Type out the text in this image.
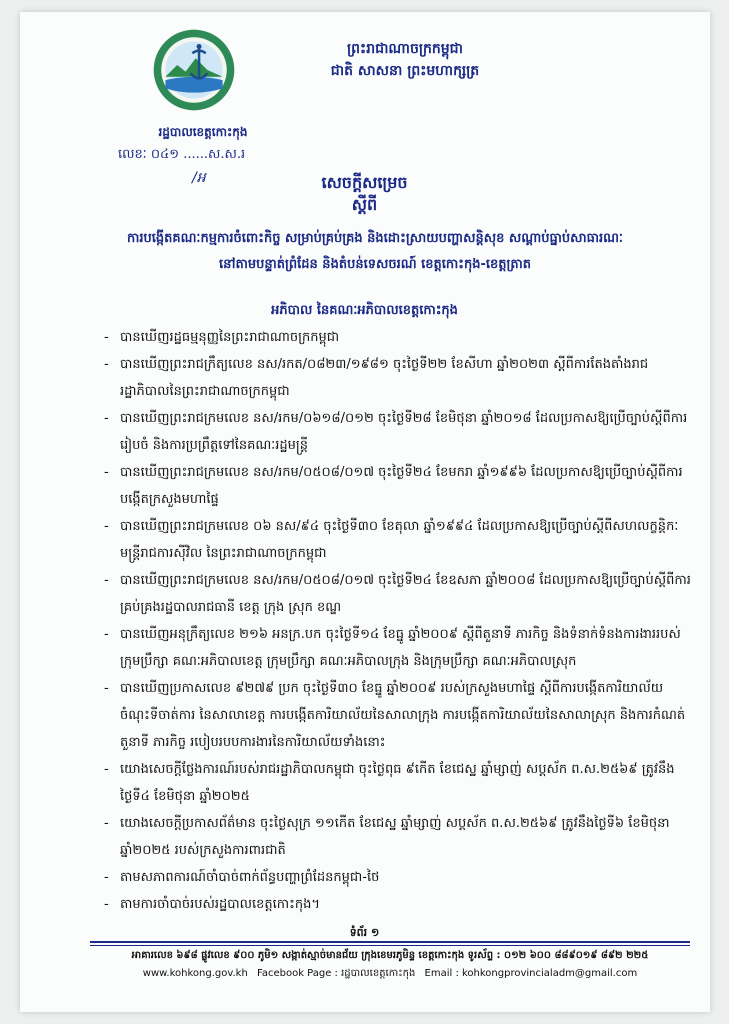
ព្រះរាជាណាចក្រកម្ពុជា
ជាតិ សាសនា ព្រះមហាក្សត្រ
រដ្ឋបាលខេត្តកោះកុង
លេខៈ ០៤១ ......ស.ស.រ
/អ	សេចក្តីសម្រេច
ស្តីពី
ការបង្កើតគណៈកម្មការចំពោះកិច្ច សម្រាប់គ្រប់គ្រង និងដោះស្រាយបញ្ហាសន្តិសុខ សណ្តាប់ធ្នាប់សាធារណៈ
នៅតាមបន្ទាត់ព្រំដែន និងតំបន់ទេសចរណ៍ ខេត្តកោះកុង-ខេត្តត្រាត
អភិបាល នៃគណៈអភិបាលខេត្តកោះកុង
- បានឃើញរដ្ឋធម្មនុញ្ញនៃព្រះរាជាណាចក្រកម្ពុជា
- បានឃើញព្រះរាជក្រឹត្យលេខ នស/រកត/០៨២៣/១៩៨១ ចុះថ្ងៃទី២២ ខែសីហា ឆ្នាំ២០២៣ ស្តីពីការតែងតាំងរាជរដ្ឋាភិបាលនៃព្រះរាជាណាចក្រកម្ពុជា
- បានឃើញព្រះរាជក្រមលេខ នស/រកម/០៦១៨/០១២ ចុះថ្ងៃទី២៨ ខែមិថុនា ឆ្នាំ២០១៨ ដែលប្រកាសឱ្យប្រើច្បាប់ស្តីពីការរៀបចំ និងការប្រព្រឹត្តទៅនៃគណៈរដ្ឋមន្ត្រី
- បានឃើញព្រះរាជក្រមលេខ នស/រកម/០៥០៨/០១៧ ចុះថ្ងៃទី២៤ ខែមករា ឆ្នាំ១៩៩៦ ដែលប្រកាសឱ្យប្រើច្បាប់ស្តីពីការបង្កើតក្រសួងមហាផ្ទៃ
- បានឃើញព្រះរាជក្រមលេខ ០៦ នស/៩៤ ចុះថ្ងៃទី៣០ ខែតុលា ឆ្នាំ១៩៩៤ ដែលប្រកាសឱ្យប្រើច្បាប់ស្តីពីសហលក្ខន្តិកៈមន្ត្រីរាជការស៊ីវិល នៃព្រះរាជាណាចក្រកម្ពុជា
- បានឃើញព្រះរាជក្រមលេខ នស/រកម/០៥០៨/០១៧ ចុះថ្ងៃទី២៤ ខែឧសភា ឆ្នាំ២០០៨ ដែលប្រកាសឱ្យប្រើច្បាប់ស្តីពីការគ្រប់គ្រងរដ្ឋបាលរាជធានី ខេត្ត ក្រុង ស្រុក ខណ្ឌ
- បានឃើញអនុក្រឹត្យលេខ ២១៦ អនក្រ.បក ចុះថ្ងៃទី១៤ ខែធ្នូ ឆ្នាំ២០០៩ ស្តីពីតួនាទី ភារកិច្ច និងទំនាក់ទំនងការងាររបស់ក្រុមប្រឹក្សា គណៈអភិបាលខេត្ត ក្រុមប្រឹក្សា គណៈអភិបាលក្រុង និងក្រុមប្រឹក្សា គណៈអភិបាលស្រុក
- បានឃើញប្រកាសលេខ ៩២៧៩ ប្រក ចុះថ្ងៃទី៣០ ខែធ្នូ ឆ្នាំ២០០៩ របស់ក្រសួងមហាផ្ទៃ ស្តីពីការបង្កើតការិយាល័យចំណុះទីចាត់ការ នៃសាលាខេត្ត ការបង្កើតការិយាល័យនៃសាលាក្រុង ការបង្កើតការិយាល័យនៃសាលាស្រុក និងការកំណត់តួនាទី ភារកិច្ច របៀបរបបការងារនៃការិយាល័យទាំងនោះ
- យោងសេចក្តីថ្លែងការណ៍របស់រាជរដ្ឋាភិបាលកម្ពុជា ចុះថ្ងៃពុធ ៩កើត ខែជេស្ឋ ឆ្នាំម្សាញ់ សប្តស័ក ព.ស.២៥៦៩ ត្រូវនឹងថ្ងៃទី៤ ខែមិថុនា ឆ្នាំ២០២៥
- យោងសេចក្តីប្រកាសព័ត៌មាន ចុះថ្ងៃសុក្រ ១១កើត ខែជេស្ឋ ឆ្នាំម្សាញ់ សប្តស័ក ព.ស.២៥៦៩ ត្រូវនឹងថ្ងៃទី៦ ខែមិថុនា ឆ្នាំ២០២៥ របស់ក្រសួងការពារជាតិ
- តាមសភាពការណ៍ចាំបាច់ពាក់ព័ន្ធបញ្ហាព្រំដែនកម្ពុជា-ថៃ
- តាមការចាំបាច់របស់រដ្ឋបាលខេត្តកោះកុង។
ទំព័រ ១
អាគារលេខ ៦៩៨ ផ្លូវលេខ ៩០០ ភូមិ១ សង្កាត់ស្មាច់មានជ័យ ក្រុងខេមរភូមិន្ទ ខេត្តកោះកុង ទូរស័ព្ទ : ០១២ ៦០០ ៨៨៩០១៩ ៨៩២ ២២៥
www.kohkong.gov.kh Facebook Page : រដ្ឋបាលខេត្តកោះកុង Email : kohkongprovincialadm@gmail.com
